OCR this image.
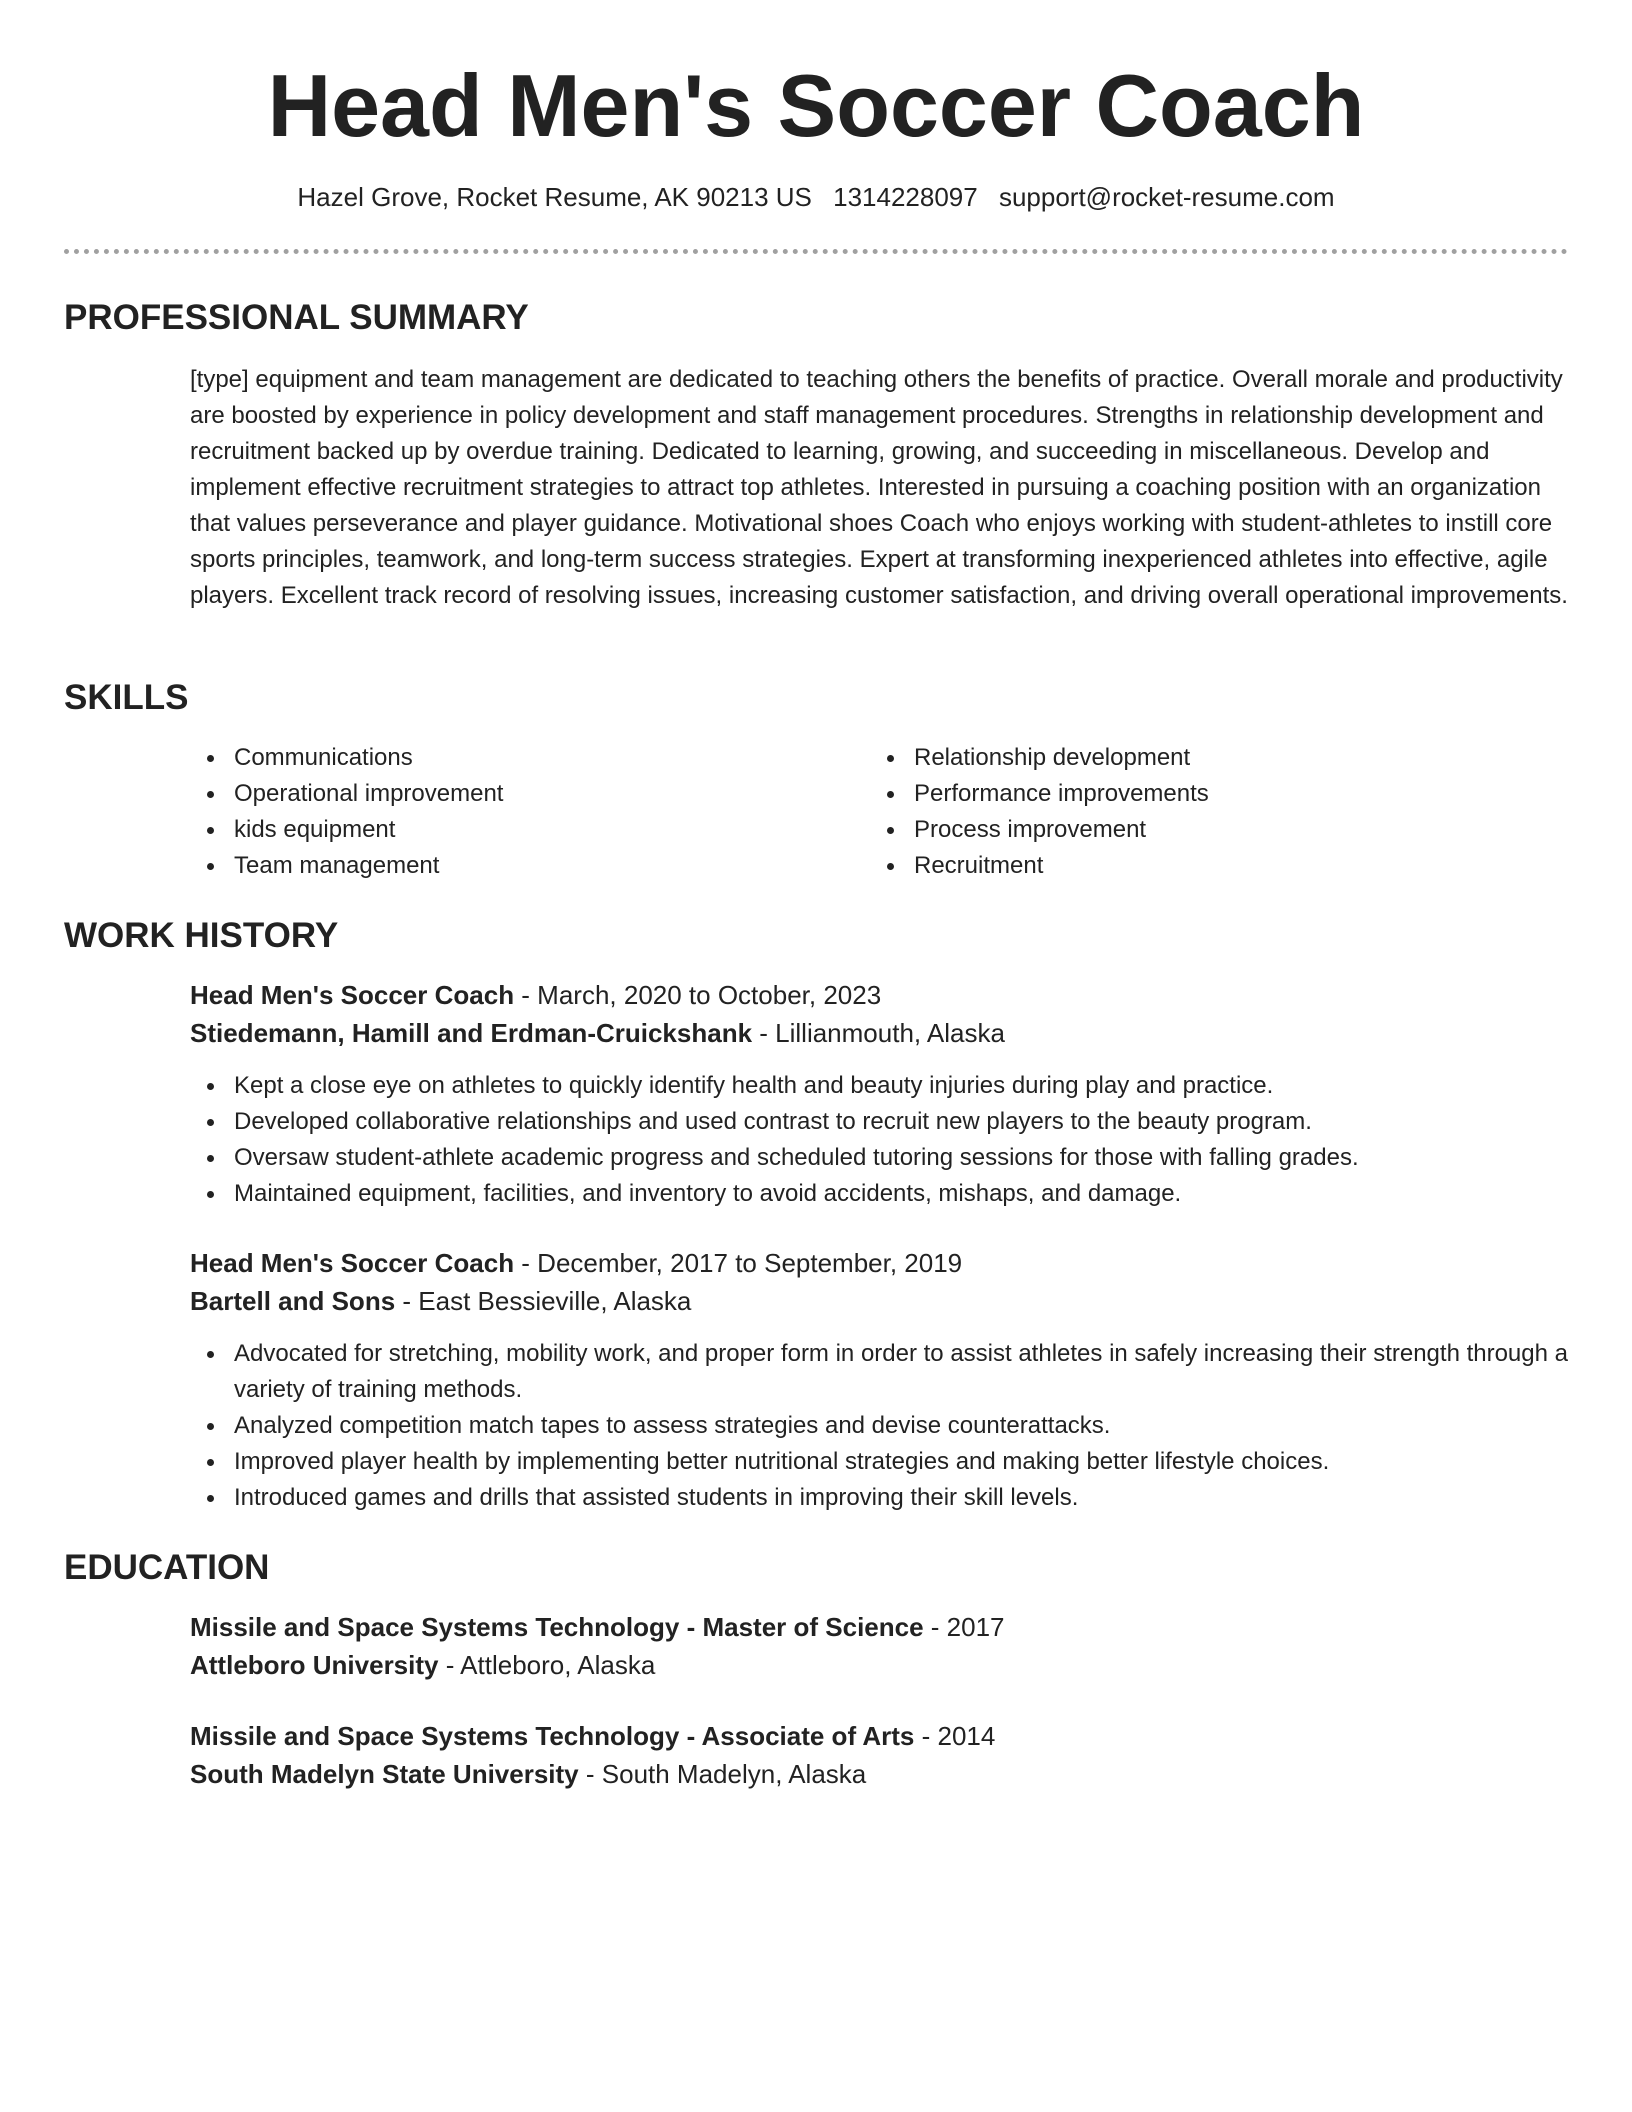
Head Men's Soccer Coach
Hazel Grove, Rocket Resume, AK 90213 US 1314228097 support@rocket-resume.com
PROFESSIONAL SUMMARY

[type] equipment and team management are dedicated to teaching others the benefits of practice. Overall morale and productivity are boosted by experience in policy development and staff management procedures. Strengths in relationship development and recruitment backed up by overdue training. Dedicated to learning, growing, and succeeding in miscellaneous. Develop and implement effective recruitment strategies to attract top athletes. Interested in pursuing a coaching position with an organization that values perseverance and player guidance. Motivational shoes Coach who enjoys working with student-athletes to instill core sports principles, teamwork, and long-term success strategies. Expert at transforming inexperienced athletes into effective, agile players. Excellent track record of resolving issues, increasing customer satisfaction, and driving overall operational improvements.

SKILLS
Communications
Operational improvement
kids equipment
Team management
Relationship development
Performance improvements
Process improvement
Recruitment
WORK HISTORY
Head Men's Soccer Coach - March, 2020 to October, 2023
Stiedemann, Hamill and Erdman-Cruickshank - Lillianmouth, Alaska
Kept a close eye on athletes to quickly identify health and beauty injuries during play and practice.
Developed collaborative relationships and used contrast to recruit new players to the beauty program.
Oversaw student-athlete academic progress and scheduled tutoring sessions for those with falling grades.
Maintained equipment, facilities, and inventory to avoid accidents, mishaps, and damage.
Head Men's Soccer Coach - December, 2017 to September, 2019
Bartell and Sons - East Bessieville, Alaska
Advocated for stretching, mobility work, and proper form in order to assist athletes in safely increasing their strength through a variety of training methods.
Analyzed competition match tapes to assess strategies and devise counterattacks.
Improved player health by implementing better nutritional strategies and making better lifestyle choices.
Introduced games and drills that assisted students in improving their skill levels.
EDUCATION
Missile and Space Systems Technology - Master of Science - 2017
Attleboro University - Attleboro, Alaska
Missile and Space Systems Technology - Associate of Arts - 2014
South Madelyn State University - South Madelyn, Alaska
